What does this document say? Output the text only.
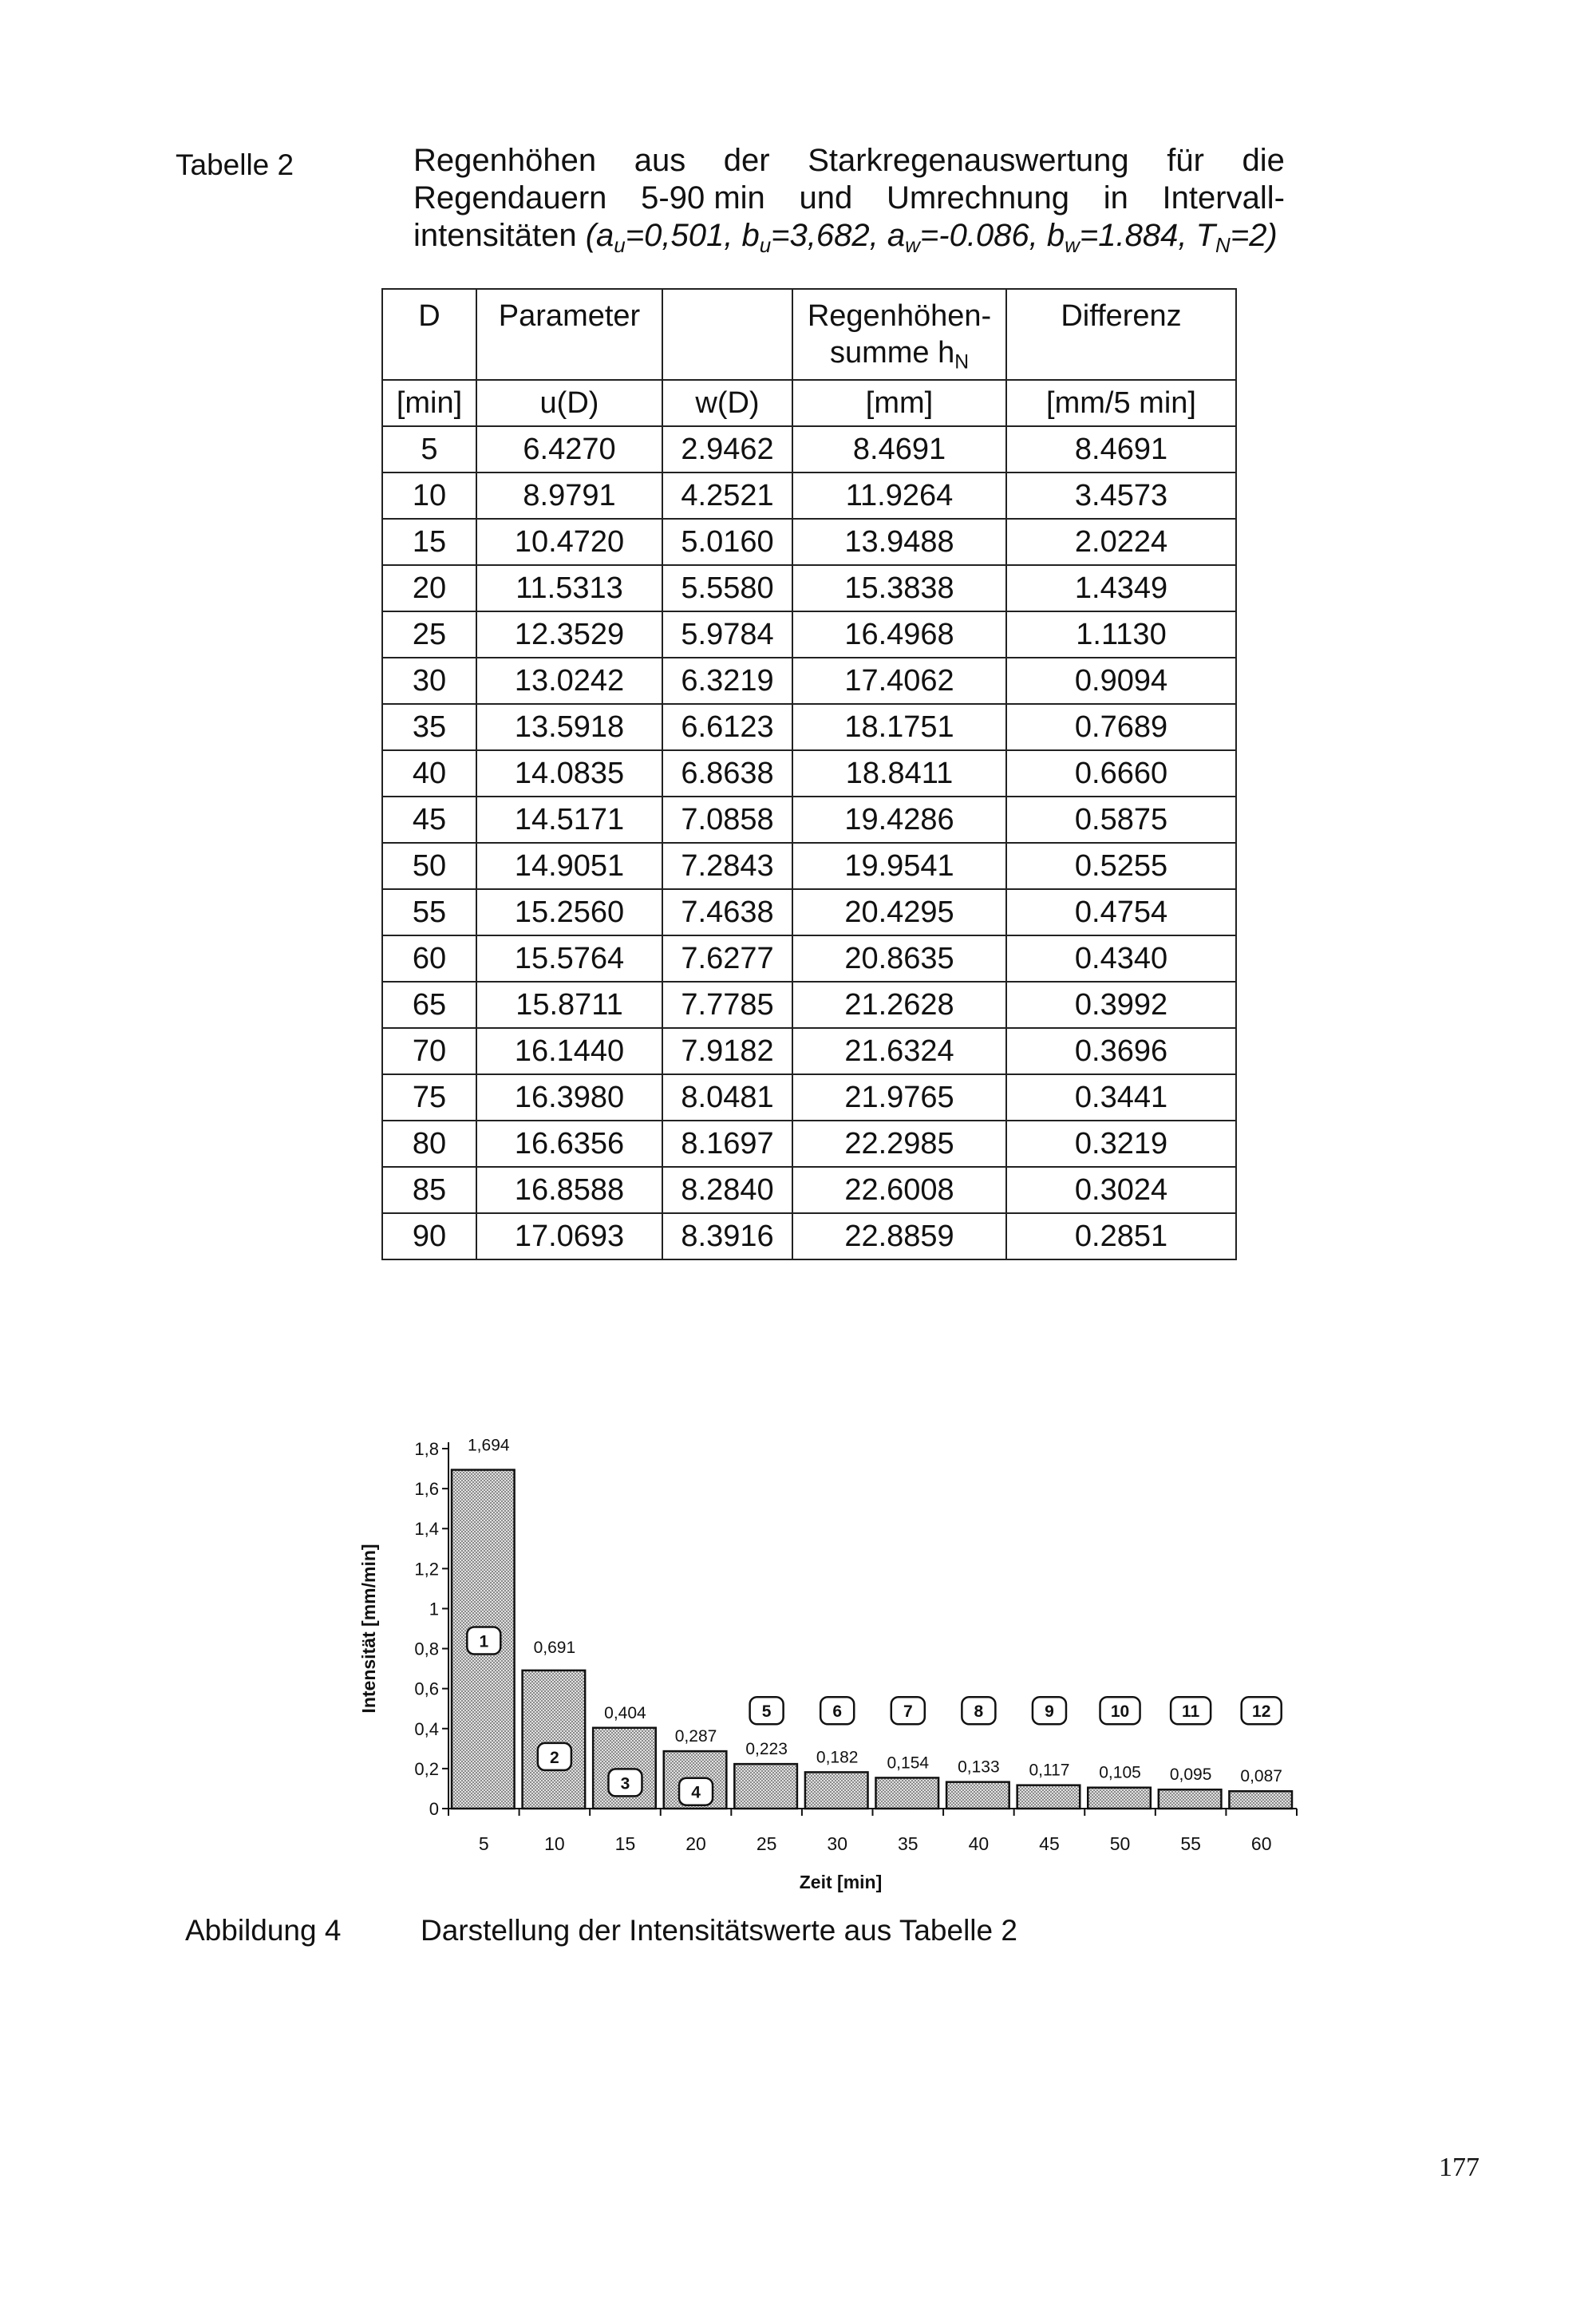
Tabelle 2	Regenhöhen aus der Starkregenauswertung für die
Regendauern 5-90 min und Umrechnung in Intervall-
intensitäten ($a_u=0,501$, $b_u=3,682$, $a_w=-0.086$, $b_w=1.884$, $T_N=2$)
D	Parameter		Regenhöhen-
summe $h_N$	Differenz
[min]	u(D)	w(D)	[mm]	[mm/5 min]
5	6.4270	2.9462	8.4691	8.4691
10	8.9791	4.2521	11.9264	3.4573
15	10.4720	5.0160	13.9488	2.0224
20	11.5313	5.5580	15.3838	1.4349
25	12.3529	5.9784	16.4968	1.1130
30	13.0242	6.3219	17.4062	0.9094
35	13.5918	6.6123	18.1751	0.7689
40	14.0835	6.8638	18.8411	0.6660
45	14.5171	7.0858	19.4286	0.5875
50	14.9051	7.2843	19.9541	0.5255
55	15.2560	7.4638	20.4295	0.4754
60	15.5764	7.6277	20.8635	0.4340
65	15.8711	7.7785	21.2628	0.3992
70	16.1440	7.9182	21.6324	0.3696
75	16.3980	8.0481	21.9765	0.3441
80	16.6356	8.1697	22.2985	0.3219
85	16.8588	8.2840	22.6008	0.3024
90	17.0693	8.3916	22.8859	0.2851
0
0,2
0,4
0,6
0,8
1
1,2
1,4
1,6
1,8
5
1,694
1
10
0,691
2
15
0,404
3
20
0,287
4
25
0,223
5
30
0,182
6
35
0,154
7
40
0,133
8
45
0,117
9
50
0,105
10
55
0,095
11
60
0,087
12
Zeit [min]
Intensität [mm/min]
Abbildung 4	Darstellung der Intensitätswerte aus Tabelle 2
177
